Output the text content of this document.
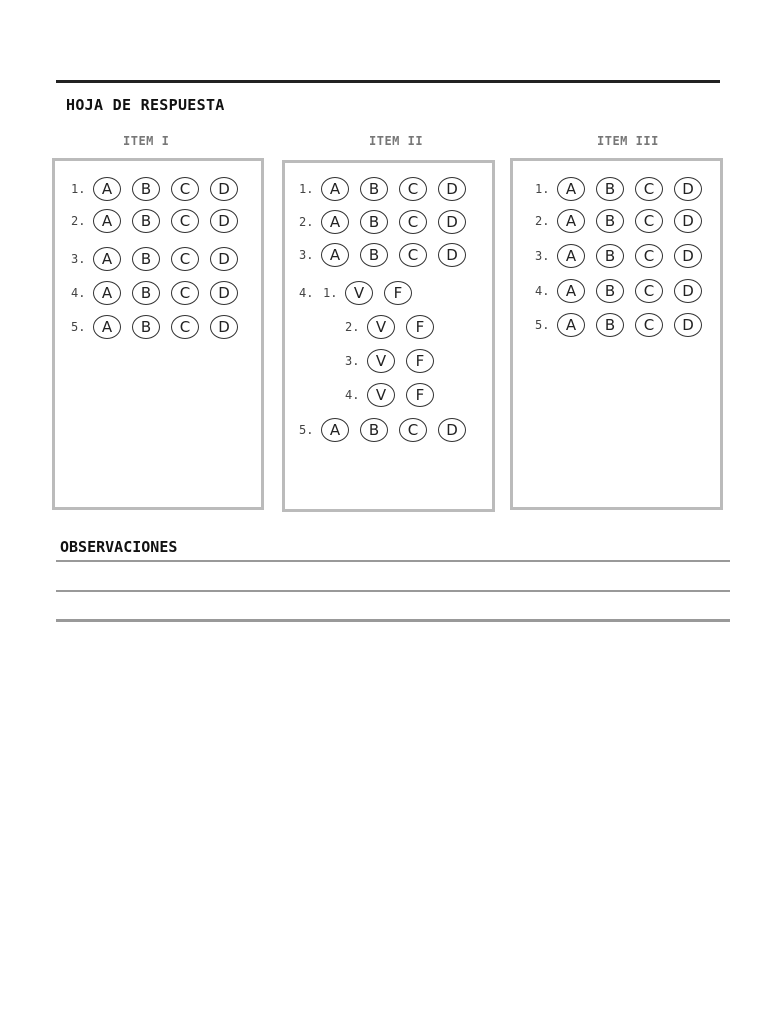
HOJA DE RESPUESTA
ITEM I	ITEM II	ITEM III
1.	A	B	C	D
2.	A	B	C	D
3.	A	B	C	D
4.	A	B	C	D
5.	A	B	C	D
1.	A	B	C	D
2.	A	B	C	D
3.	A	B	C	D
4. 1.	V	F
2.	V	F
3.	V	F
4.	V	F
5.	A	B	C	D
1.	A	B	C	D
2.	A	B	C	D
3.	A	B	C	D
4.	A	B	C	D
5.	A	B	C	D
OBSERVACIONES
